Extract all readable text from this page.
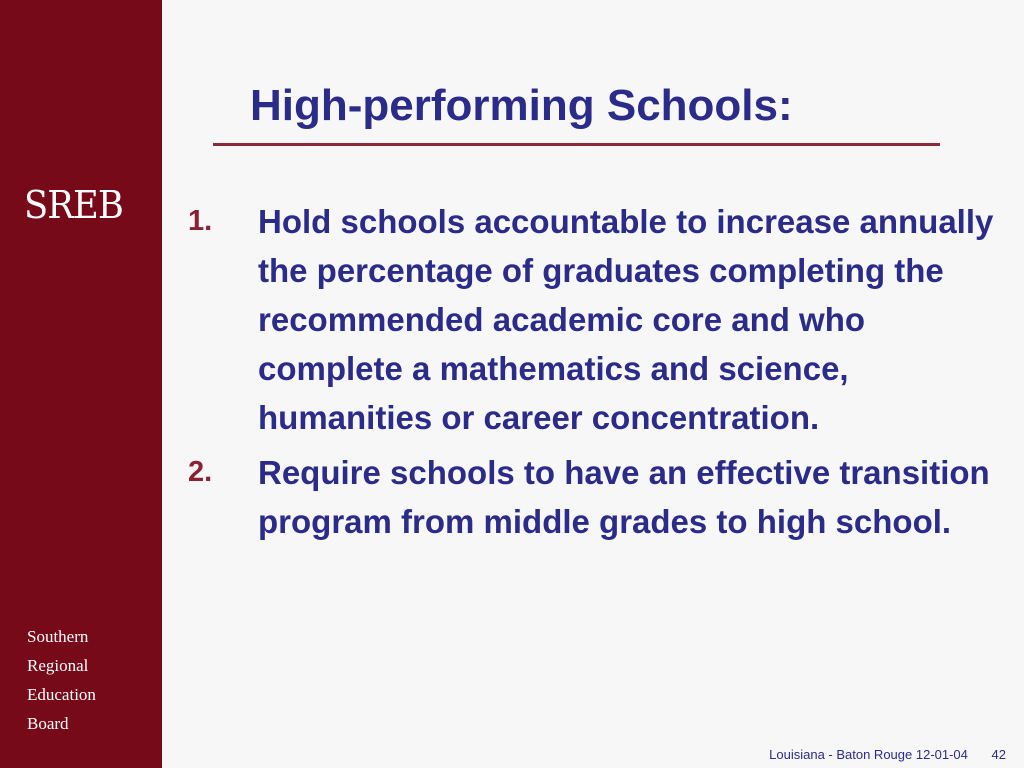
SREB
Southern
Regional
Education
Board
High-performing Schools:
1. Hold schools accountable to increase annually the percentage of graduates completing the recommended academic core and who complete a mathematics and science, humanities or career concentration.
2. Require schools to have an effective transition program from middle grades to high school.
Louisiana - Baton Rouge 12-01-04 42
